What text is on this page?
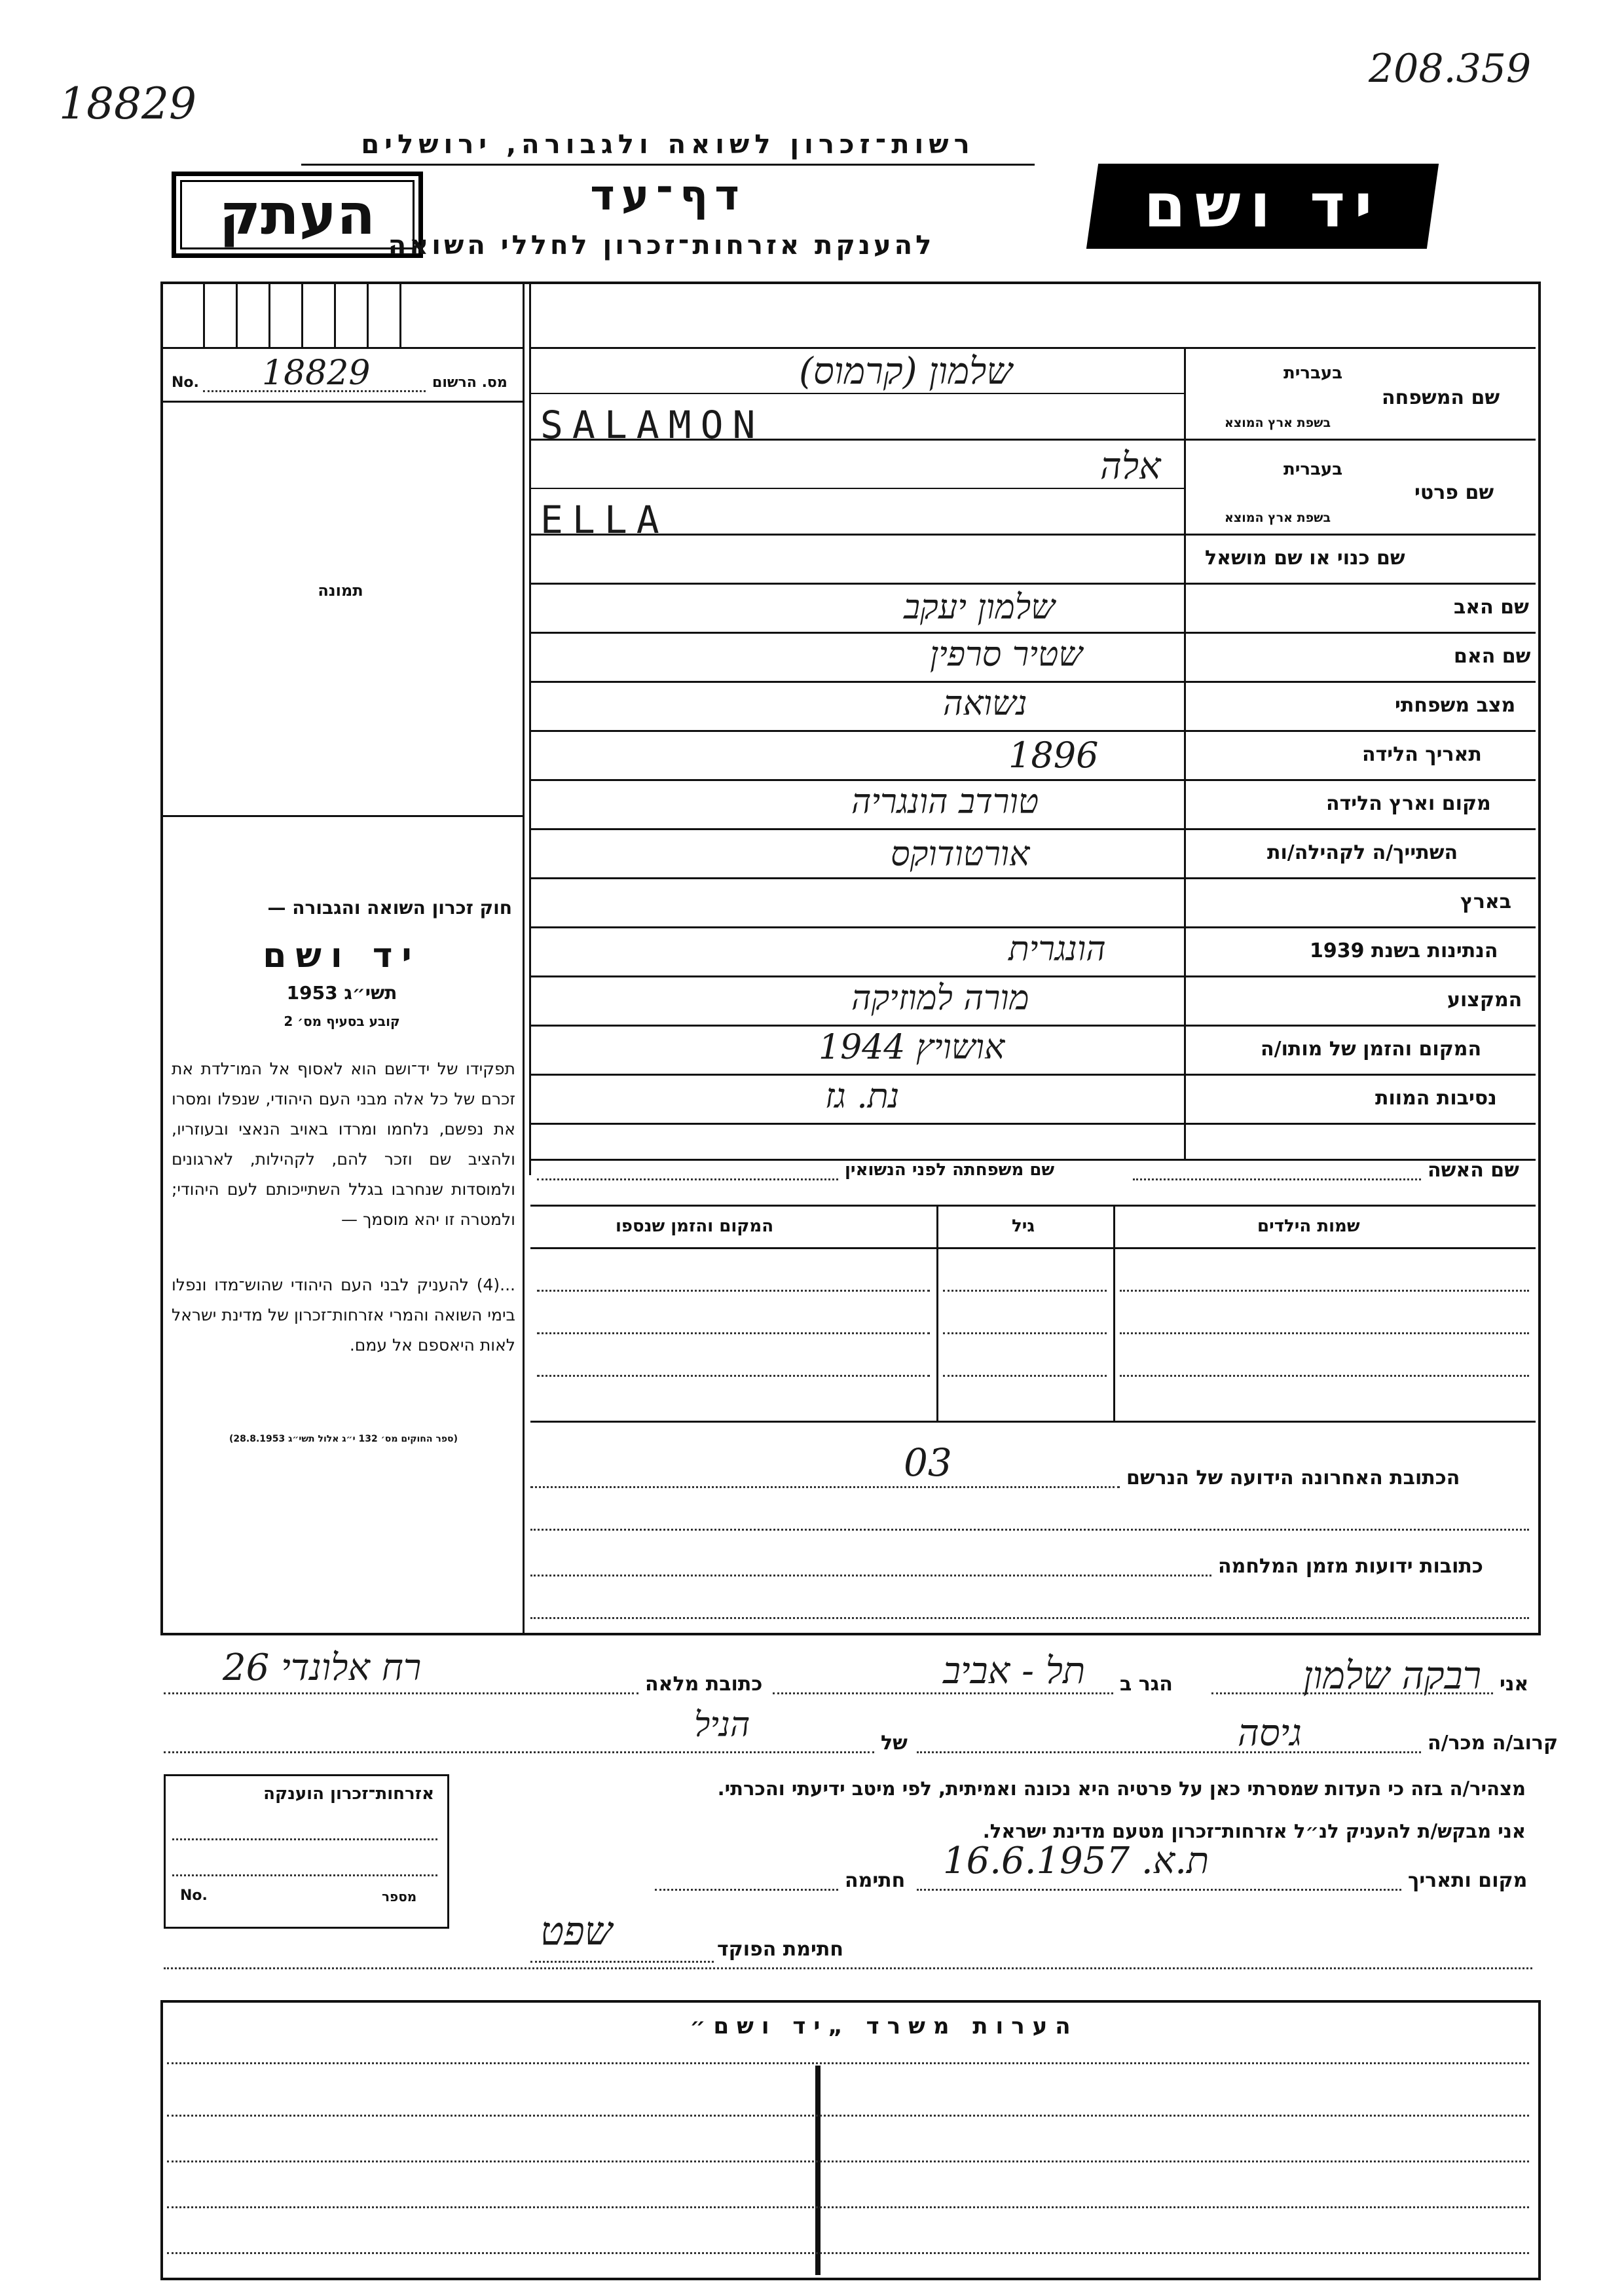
18829
208.359
רשות־זכרון לשואה ולגבורה, ירושלים
העתק	דף־עד
להענקת אזרחות־זכרון לחללי השואה
יד ושם
No. 18829	מס. הרשום
תמונה
חוק זכרון השואה והגבורה —
יד ושם
תשי״ג 1953
קובע בסעיף מס׳ 2
תפקידו של יד־ושם הוא לאסוף אל המו־לדת את זכרם של כל אלה מבני העם היהודי, שנפלו ומסרו את נפשם, נלחמו ומרדו באויב הנאצי ובעוזריו, ולהציב שם וזכר להם, לקהילות, לארגונים ולמוסדות שנחרבו בגלל השתייכותם לעם היהודי; ולמטרה זו יהא מוסמך —
...(4) להעניק לבני העם היהודי שהוש־מדו ונפלו בימי השואה והמרי אזרחות־זכרון של מדינת ישראל לאות היאספם אל עמם.
(ספר החוקים מס׳ 132 י״ג אלול תשי״ג 28.8.1953)
שם המשפחה
בעברית
בשפת ארץ המוצא
שלמון (קרמוס)
SALAMON
שם פרטי
בעברית
בשפת ארץ המוצא
אלה
ELLA
שם כנוי או שם מושאל
שם האב
שלמון יעקב
שם האם
שטיר סרפין
מצב משפחתי
נשואה
תאריך הלידה
1896
מקום וארץ הלידה
טורדב הונגריה
השתייך/ה לקהילה/ות
אורטודוקס
בארץ
הנתינות בשנת 1939
הונגרית
המקצוע
מורה למוזיקה
המקום והזמן של מותו/ה
אושויץ 1944
נסיבות המוות
נת. גז
שם האשה
שם משפחתה לפני הנשואין
שמות הילדים
גיל
המקום והזמן שנספו
הכתובת האחרונה הידועה של הנרשם
03
כתובות ידועות מזמן המלחמה
אני
רבקה שלמון
הגר ב
תל - אביב
כתובת מלאה
רח אלונדי 26
קרוב/ה מכר/ה
גיסה
של
הניל
מצהיר/ה בזה כי העדות שמסרתי כאן על פרטיה היא נכונה ואמיתית, לפי מיטב ידיעתי והכרתי.
אני מבקש/ת להעניק לנ״ל אזרחות־זכרון מטעם מדינת ישראל.
מקום ותאריך
ת.א. 16.6.1957
חתימה
אזרחות־זכרון הוענקה
No.	מספר
חתימת הפוקד
שפט
הערות משרד „יד ושם״
